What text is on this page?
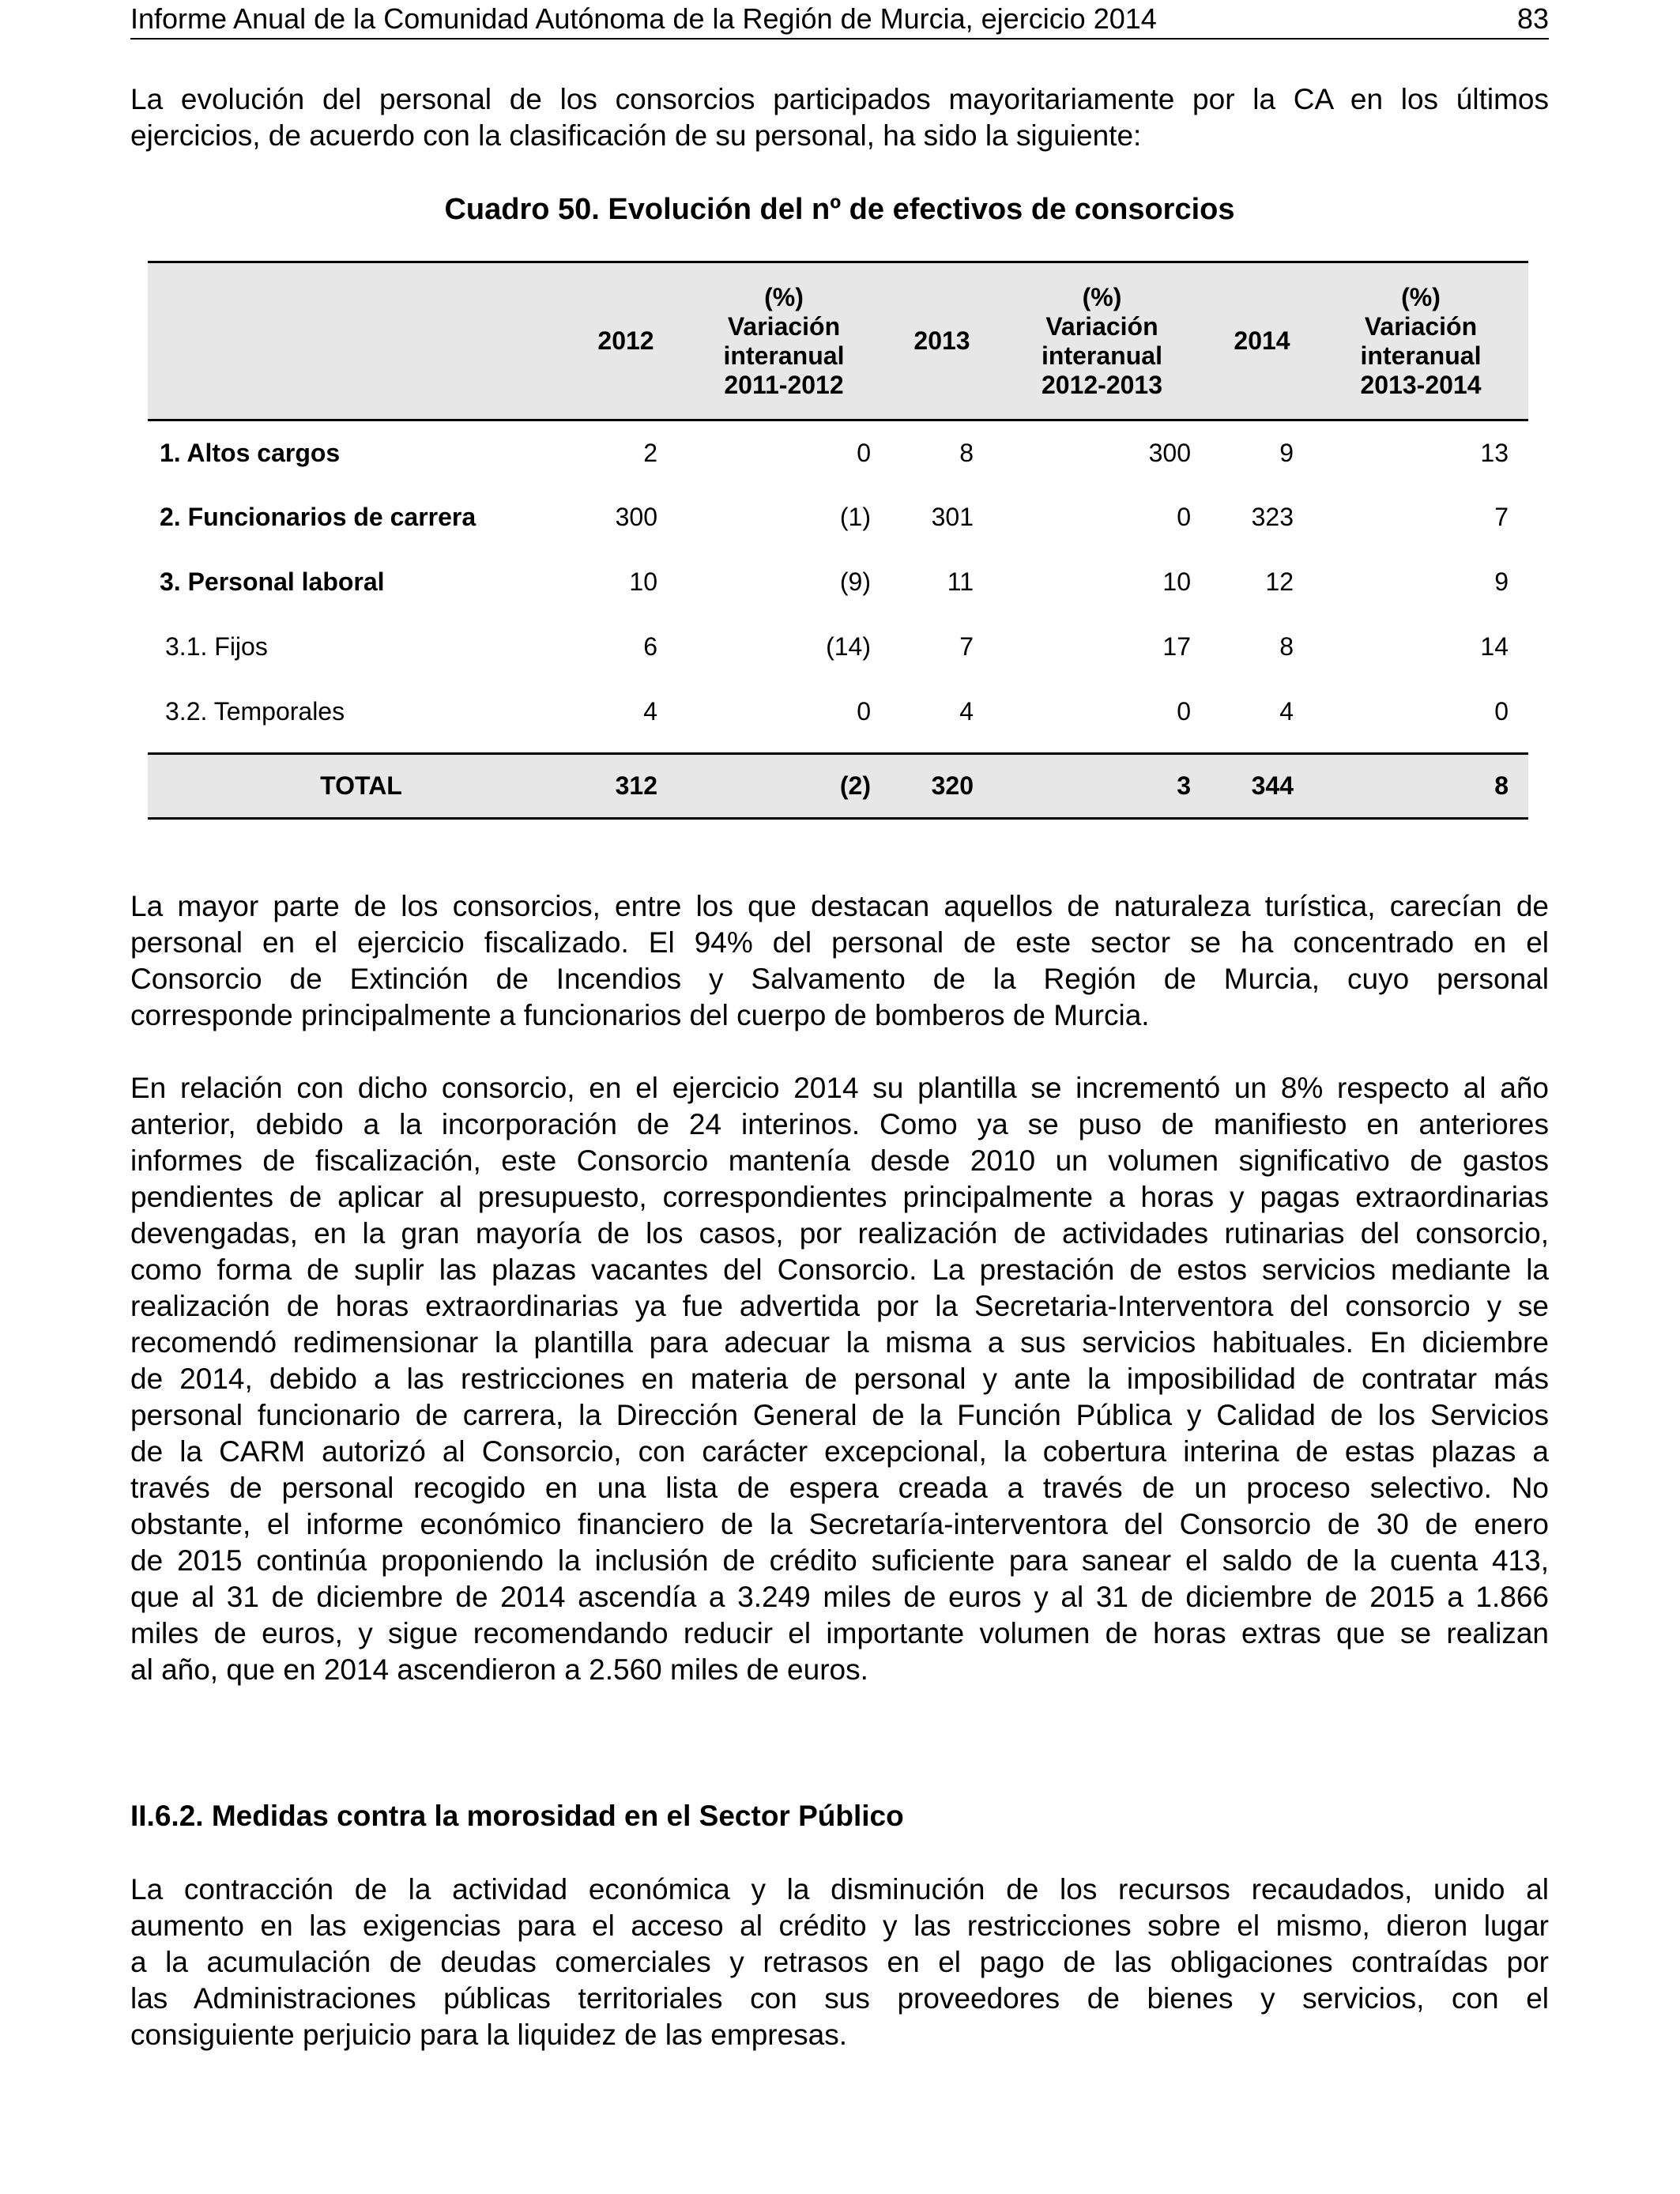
Informe Anual de la Comunidad Autónoma de la Región de Murcia, ejercicio 2014	83

La evolución del personal de los consorcios participados mayoritariamente por la CA en los últimos
ejercicios, de acuerdo con la clasificación de su personal, ha sido la siguiente:

Cuadro 50. Evolución del nº de efectivos de consorcios
	2012	(%)
Variación
interanual
2011-2012	2013	(%)
Variación
interanual
2012-2013	2014	(%)
Variación
interanual
2013-2014
1. Altos cargos	2	0	8	300	9	13
2. Funcionarios de carrera	300	(1)	301	0	323	7
3. Personal laboral	10	(9)	11	10	12	9
3.1. Fijos	6	(14)	7	17	8	14
3.2. Temporales	4	0	4	0	4	0

TOTAL	312	(2)	320	3	344	8

La mayor parte de los consorcios, entre los que destacan aquellos de naturaleza turística, carecían de
personal en el ejercicio fiscalizado. El 94% del personal de este sector se ha concentrado en el
Consorcio de Extinción de Incendios y Salvamento de la Región de Murcia, cuyo personal
corresponde principalmente a funcionarios del cuerpo de bomberos de Murcia.

En relación con dicho consorcio, en el ejercicio 2014 su plantilla se incrementó un 8% respecto al año
anterior, debido a la incorporación de 24 interinos. Como ya se puso de manifiesto en anteriores
informes de fiscalización, este Consorcio mantenía desde 2010 un volumen significativo de gastos
pendientes de aplicar al presupuesto, correspondientes principalmente a horas y pagas extraordinarias
devengadas, en la gran mayoría de los casos, por realización de actividades rutinarias del consorcio,
como forma de suplir las plazas vacantes del Consorcio. La prestación de estos servicios mediante la
realización de horas extraordinarias ya fue advertida por la Secretaria-Interventora del consorcio y se
recomendó redimensionar la plantilla para adecuar la misma a sus servicios habituales. En diciembre
de 2014, debido a las restricciones en materia de personal y ante la imposibilidad de contratar más
personal funcionario de carrera, la Dirección General de la Función Pública y Calidad de los Servicios
de la CARM autorizó al Consorcio, con carácter excepcional, la cobertura interina de estas plazas a
través de personal recogido en una lista de espera creada a través de un proceso selectivo. No
obstante, el informe económico financiero de la Secretaría-interventora del Consorcio de 30 de enero
de 2015 continúa proponiendo la inclusión de crédito suficiente para sanear el saldo de la cuenta 413,
que al 31 de diciembre de 2014 ascendía a 3.249 miles de euros y al 31 de diciembre de 2015 a 1.866
miles de euros, y sigue recomendando reducir el importante volumen de horas extras que se realizan
al año, que en 2014 ascendieron a 2.560 miles de euros.

II.6.2. Medidas contra la morosidad en el Sector Público

La contracción de la actividad económica y la disminución de los recursos recaudados, unido al
aumento en las exigencias para el acceso al crédito y las restricciones sobre el mismo, dieron lugar
a la acumulación de deudas comerciales y retrasos en el pago de las obligaciones contraídas por
las Administraciones públicas territoriales con sus proveedores de bienes y servicios, con el
consiguiente perjuicio para la liquidez de las empresas.
